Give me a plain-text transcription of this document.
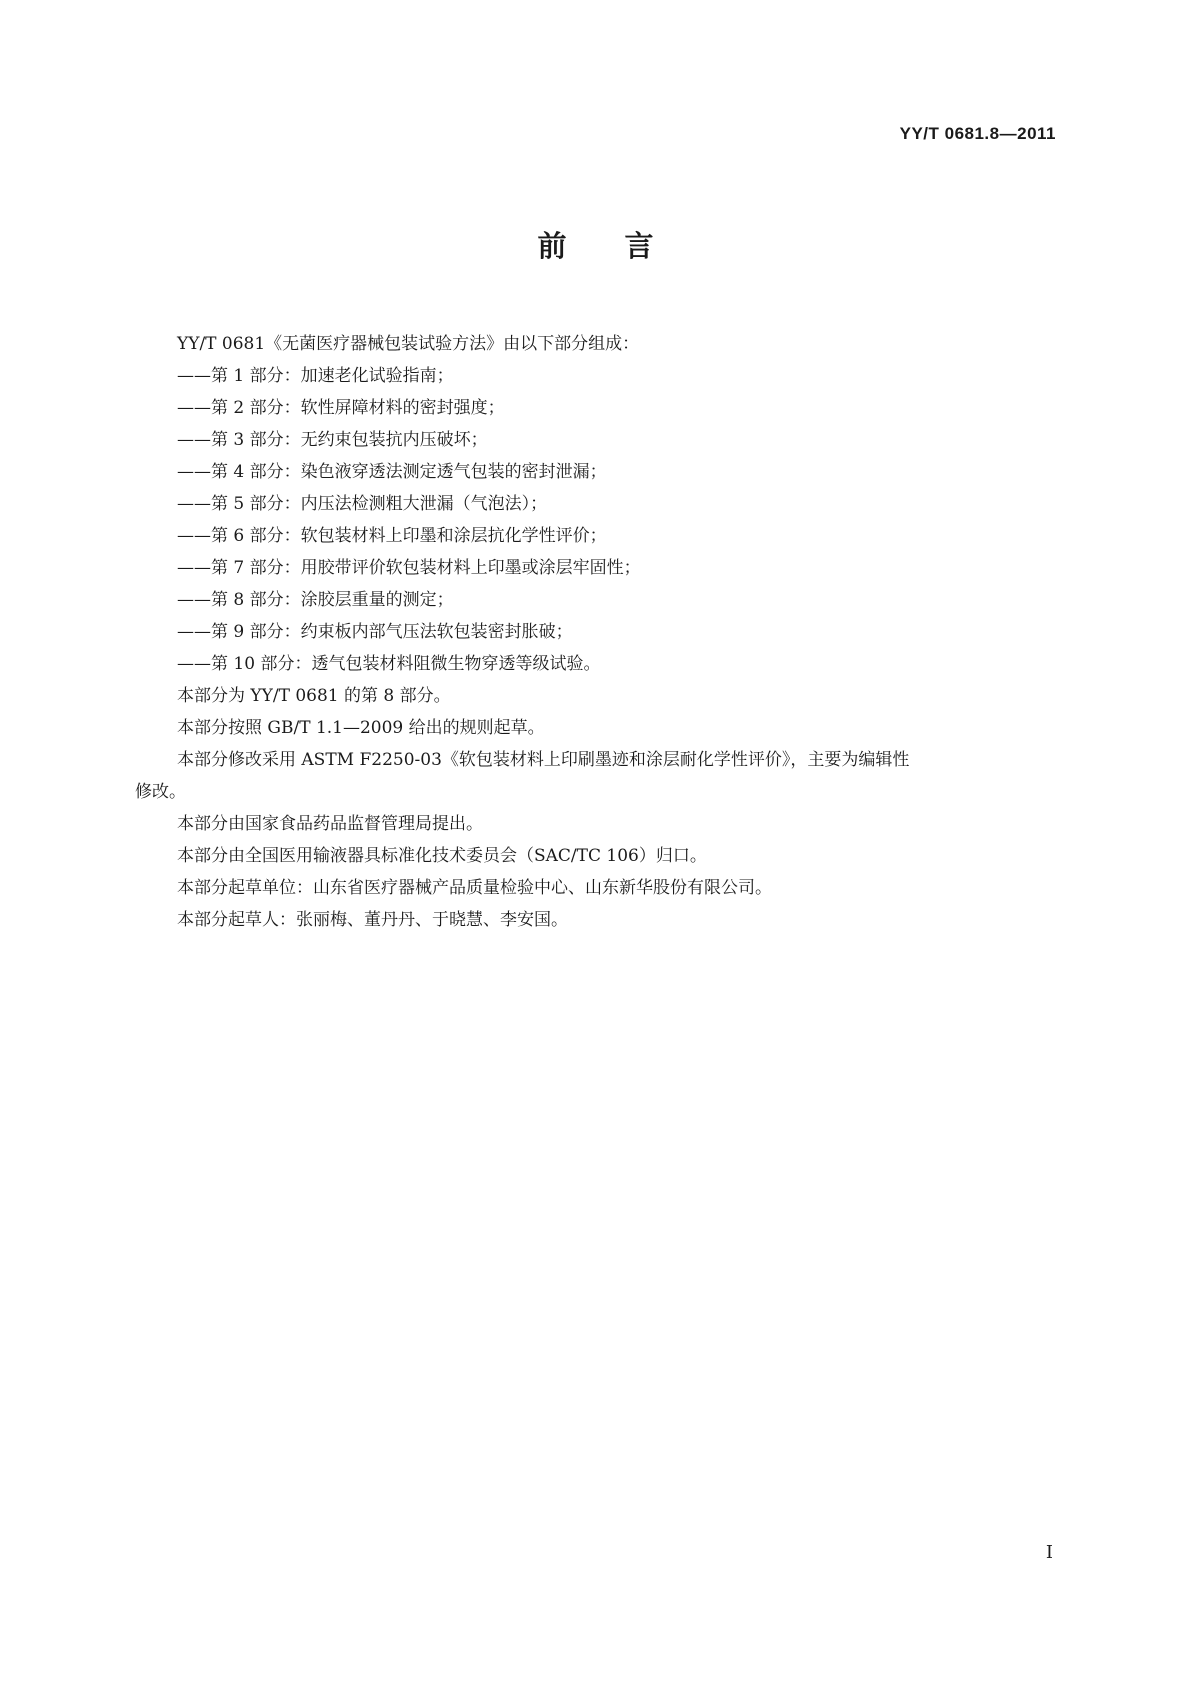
YY/T 0681.8—2011
前言

YY/T 0681《无菌医疗器械包装试验方法》由以下部分组成：

——第 1 部分：加速老化试验指南；

——第 2 部分：软性屏障材料的密封强度；

——第 3 部分：无约束包装抗内压破坏；

——第 4 部分：染色液穿透法测定透气包装的密封泄漏；

——第 5 部分：内压法检测粗大泄漏（气泡法）；

——第 6 部分：软包装材料上印墨和涂层抗化学性评价；

——第 7 部分：用胶带评价软包装材料上印墨或涂层牢固性；

——第 8 部分：涂胶层重量的测定；

——第 9 部分：约束板内部气压法软包装密封胀破；

——第 10 部分：透气包装材料阻微生物穿透等级试验。

本部分为 YY/T 0681 的第 8 部分。

本部分按照 GB/T 1.1—2009 给出的规则起草。

本部分修改采用 ASTM F2250-03《软包装材料上印刷墨迹和涂层耐化学性评价》，主要为编辑性
修改。

本部分由国家食品药品监督管理局提出。

本部分由全国医用输液器具标准化技术委员会（SAC/TC 106）归口。

本部分起草单位：山东省医疗器械产品质量检验中心、山东新华股份有限公司。

本部分起草人：张丽梅、董丹丹、于晓慧、李安国。

I
